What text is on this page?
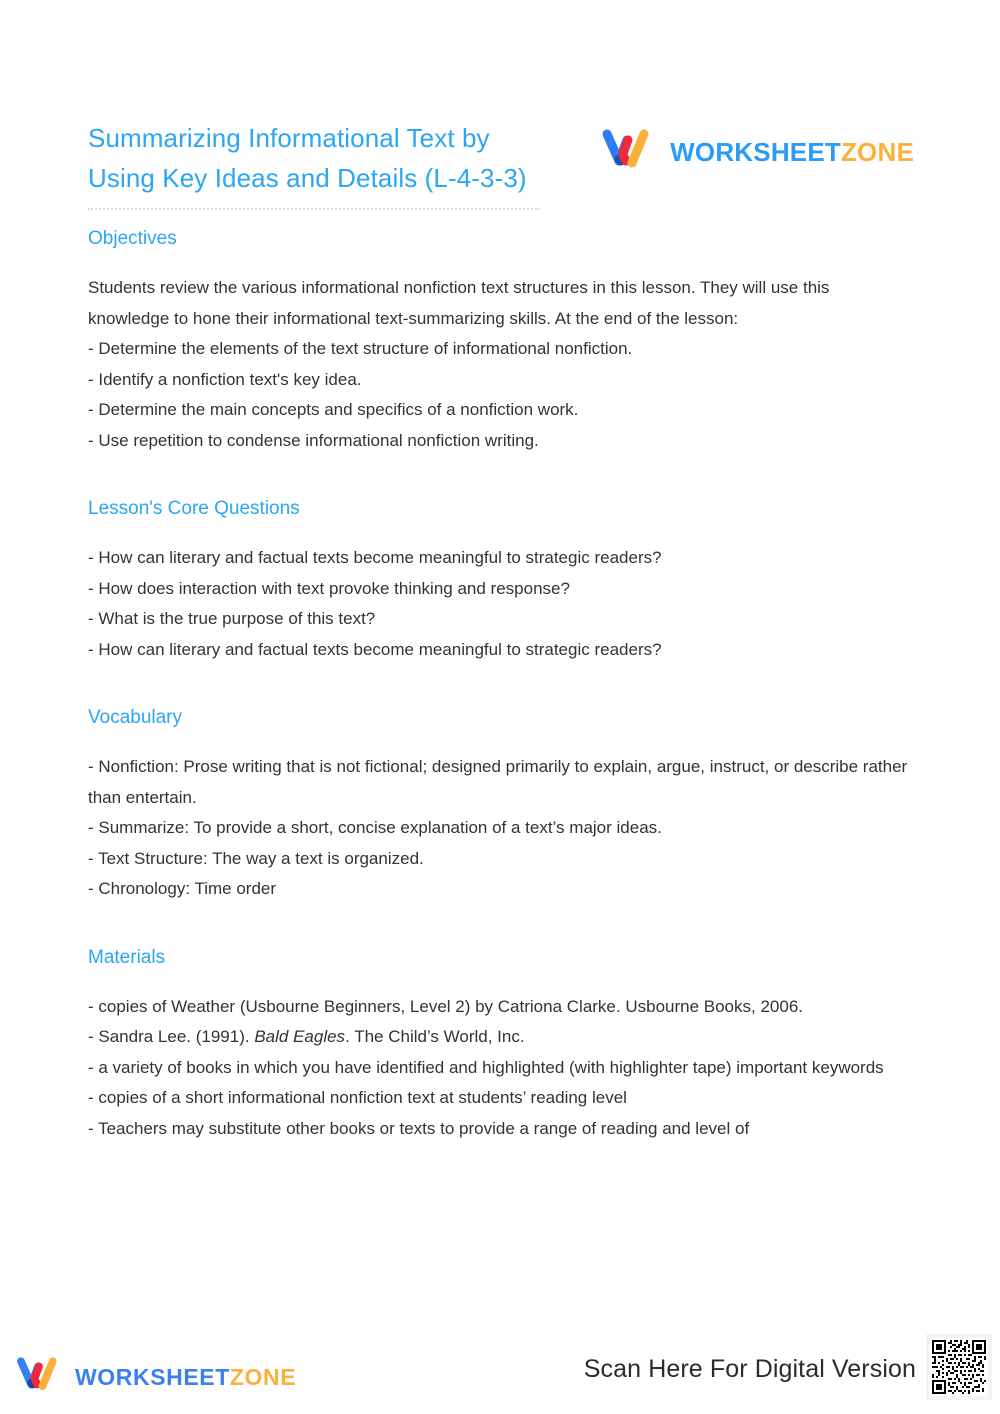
Summarizing Informational Text by Using Key Ideas and Details (L-4-3-3)
WORKSHEETZONE
Objectives

Students review the various informational nonfiction text structures in this lesson. They will use this knowledge to hone their informational text-summarizing skills. At the end of the lesson:

- Determine the elements of the text structure of informational nonfiction.

- Identify a nonfiction text's key idea.

- Determine the main concepts and specifics of a nonfiction work.

- Use repetition to condense informational nonfiction writing.

Lesson's Core Questions

- How can literary and factual texts become meaningful to strategic readers?

- How does interaction with text provoke thinking and response?

- What is the true purpose of this text?

- How can literary and factual texts become meaningful to strategic readers?

Vocabulary

- Nonfiction: Prose writing that is not fictional; designed primarily to explain, argue, instruct, or describe rather than entertain.

- Summarize: To provide a short, concise explanation of a text’s major ideas.

- Text Structure: The way a text is organized.

- Chronology: Time order

Materials

- copies of Weather (Usbourne Beginners, Level 2) by Catriona Clarke. Usbourne Books, 2006.

- Sandra Lee. (1991). Bald Eagles. The Child’s World, Inc.

- a variety of books in which you have identified and highlighted (with highlighter tape) important keywords

- copies of a short informational nonfiction text at students’ reading level

- Teachers may substitute other books or texts to provide a range of reading and level of

WORKSHEETZONE	Scan Here For Digital Version
